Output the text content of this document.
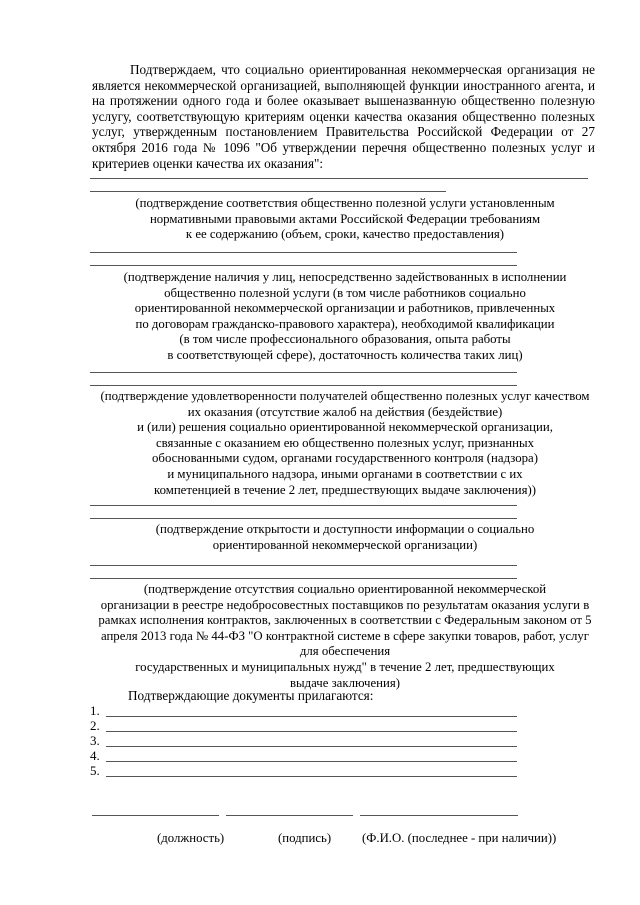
Подтверждаем, что социально ориентированная некоммерческая организация не является некоммерческой организацией, выполняющей функции иностранного агента, и на протяжении одного года и более оказывает вышеназванную общественно полезную услугу, соответствующую критериям оценки качества оказания общественно полезных услуг, утвержденным постановлением Правительства Российской Федерации от 27 октября 2016 года № 1096 "Об утверждении перечня общественно полезных услуг и критериев оценки качества их оказания":

(подтверждение соответствия общественно полезной услуги установленным
нормативными правовыми актами Российской Федерации требованиям
к ее содержанию (объем, сроки, качество предоставления)
(подтверждение наличия у лиц, непосредственно задействованных в исполнении
общественно полезной услуги (в том числе работников социально
ориентированной некоммерческой организации и работников, привлеченных
по договорам гражданско-правового характера), необходимой квалификации
(в том числе профессионального образования, опыта работы
в соответствующей сфере), достаточность количества таких лиц)
(подтверждение удовлетворенности получателей общественно полезных услуг качеством
их оказания (отсутствие жалоб на действия (бездействие)
и (или) решения социально ориентированной некоммерческой организации,
связанные с оказанием ею общественно полезных услуг, признанных
обоснованными судом, органами государственного контроля (надзора)
и муниципального надзора, иными органами в соответствии с их
компетенцией в течение 2 лет, предшествующих выдаче заключения))
(подтверждение открытости и доступности информации о социально
ориентированной некоммерческой организации)
(подтверждение отсутствия социально ориентированной некоммерческой
организации в реестре недобросовестных поставщиков по результатам оказания услуги в
рамках исполнения контрактов, заключенных в соответствии с Федеральным законом от 5
апреля 2013 года № 44-ФЗ "О контрактной системе в сфере закупки товаров, работ, услуг
для обеспечения
государственных и муниципальных нужд" в течение 2 лет, предшествующих
выдаче заключения)
Подтверждающие документы прилагаются:
1.
2.
3.
4.
5.
(должность)	(подпись) (Ф.И.О. (последнее - при наличии))
